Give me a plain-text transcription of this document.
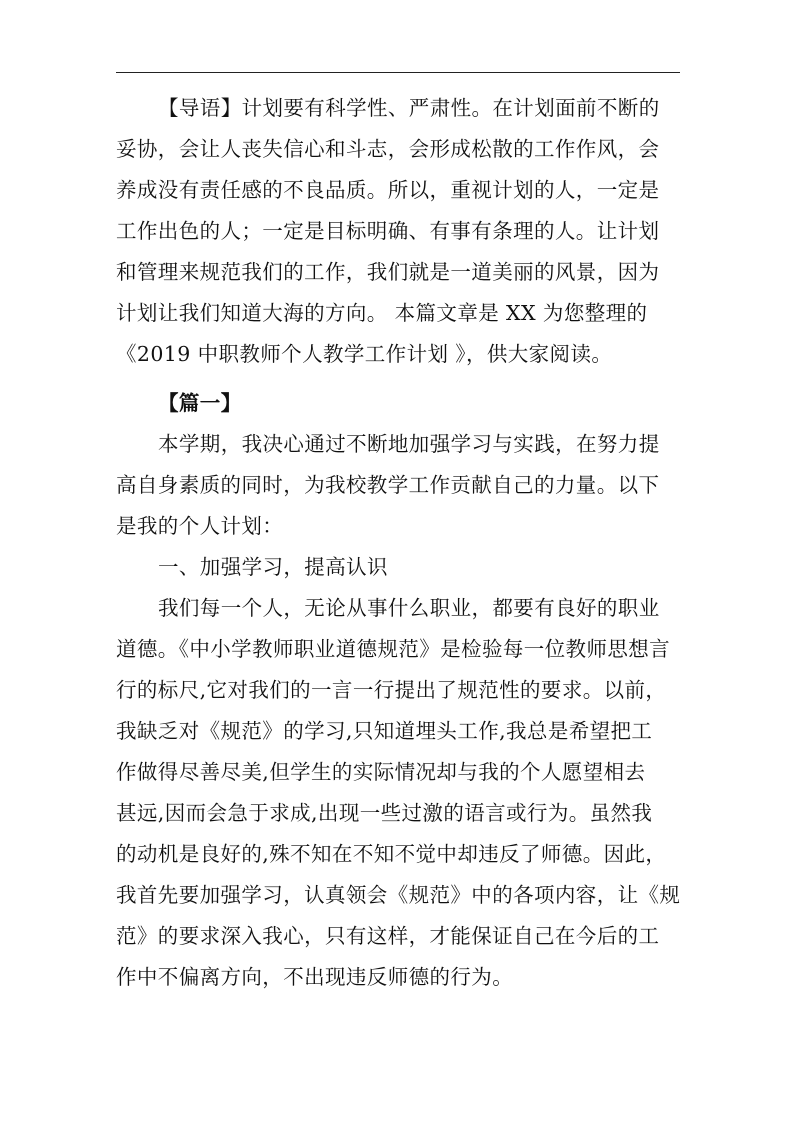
【导语】计划要有科学性、严肃性。在计划面前不断的
妥协，会让人丧失信心和斗志，会形成松散的工作作风，会
养成没有责任感的不良品质。所以，重视计划的人，一定是
工作出色的人；一定是目标明确、有事有条理的人。让计划
和管理来规范我们的工作，我们就是一道美丽的风景，因为
计划让我们知道大海的方向。 本篇文章是 XX 为您整理的
《2019 中职教师个人教学工作计划 》，供大家阅读。

【篇一】

本学期，我决心通过不断地加强学习与实践，在努力提
高自身素质的同时，为我校教学工作贡献自己的力量。以下
是我的个人计划：

一、加强学习，提高认识

我们每一个人，无论从事什么职业，都要有良好的职业
道德。《中小学教师职业道德规范》是检验每一位教师思想言
行的标尺,它对我们的一言一行提出了规范性的要求。以前，
我缺乏对《规范》的学习,只知道埋头工作,我总是希望把工
作做得尽善尽美,但学生的实际情况却与我的个人愿望相去
甚远,因而会急于求成,出现一些过激的语言或行为。虽然我
的动机是良好的,殊不知在不知不觉中却违反了师德。因此，
我首先要加强学习，认真领会《规范》中的各项内容，让《规
范》的要求深入我心，只有这样，才能保证自己在今后的工
作中不偏离方向，不出现违反师德的行为。
